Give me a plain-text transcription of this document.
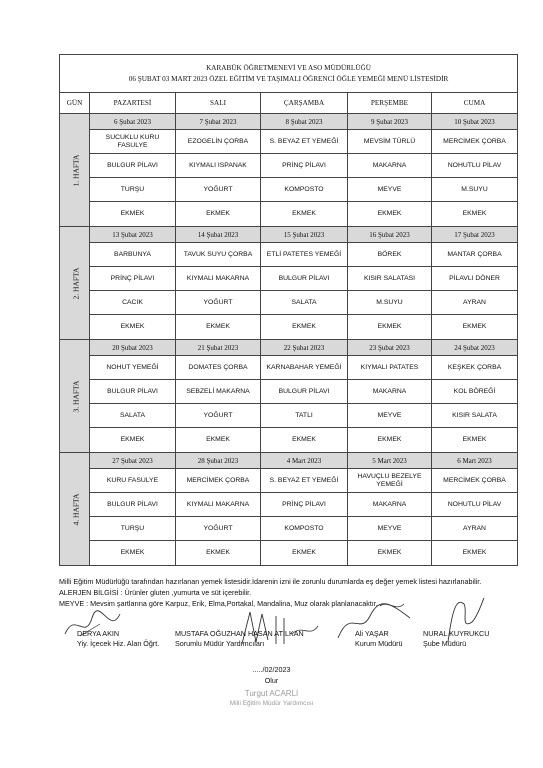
KARABÜK ÖĞRETMENEVİ VE ASO MÜDÜRLÜĞÜ
06 ŞUBAT 03 MART 2023 ÖZEL EĞİTİM VE TAŞIMALI ÖĞRENCİ ÖĞLE YEMEĞİ MENÜ LİSTESİDİR					

GÜN	PAZARTESİ	SALI	ÇARŞAMBA	PERŞEMBE	CUMA
1. HAFTA	6 Şubat 2023	7 Şubat 2023	8 Şubat 2023	9 Şubat 2023	10 Şubat 2023
	SUCUKLU KURU FASULYE	EZOGELİN ÇORBA	S. BEYAZ ET YEMEĞİ	MEVSİM TÜRLÜ	MERCİMEK ÇORBA
	BULGUR PİLAVI	KIYMALI ISPANAK	PRİNÇ PİLAVI	MAKARNA	NOHUTLU PİLAV
	TURŞU	YOĞURT	KOMPOSTO	MEYVE	M.SUYU
	EKMEK	EKMEK	EKMEK	EKMEK	EKMEK
2. HAFTA	13 Şubat 2023	14 Şubat 2023	15 Şubat 2023	16 Şubat 2023	17 Şubat 2023
	BARBUNYA	TAVUK SUYU ÇORBA	ETLİ PATETES YEMEĞİ	BÖREK	MANTAR ÇORBA
	PRİNÇ PİLAVI	KIYMALI MAKARNA	BULGUR PİLAVI	KISIR SALATASI	PİLAVLI DÖNER
	CACIK	YOĞURT	SALATA	M.SUYU	AYRAN
	EKMEK	EKMEK	EKMEK	EKMEK	EKMEK
3. HAFTA	20 Şubat 2023	21 Şubat 2023	22 Şubat 2023	23 Şubat 2023	24 Şubat 2023
	NOHUT YEMEĞİ	DOMATES ÇORBA	KARNABAHAR YEMEĞİ	KIYMALI PATATES	KEŞKEK ÇORBA
	BULGUR PİLAVI	SEBZELİ MAKARNA	BULGUR PİLAVI	MAKARNA	KOL BÖREĞİ
	SALATA	YOĞURT	TATLI	MEYVE	KISIR SALATA
	EKMEK	EKMEK	EKMEK	EKMEK	EKMEK
4. HAFTA	27 Şubat 2023	28 Şubat 2023	4 Mart 2023	5 Mart 2023	6 Mart 2023
	KURU FASULYE	MERCİMEK ÇORBA	S. BEYAZ ET YEMEĞİ	HAVUÇLU BEZELYE YEMEĞİ	MERCİMEK ÇORBA
	BULGUR PİLAVI	KIYMALI MAKARNA	PRİNÇ PİLAVI	MAKARNA	NOHUTLU PİLAV
	TURŞU	YOĞURT	KOMPOSTO	MEYVE	AYRAN
	EKMEK	EKMEK	EKMEK	EKMEK	EKMEK

Milli Eğitim Müdürlüğü tarafından hazırlanan yemek listesidir.İdarenin izni ile zorunlu durumlarda eş değer yemek listesi hazırlanabilir.

ALERJEN BİLGİSİ : Ürünler gluten ,yumurta ve süt içerebilir.

MEYVE : Mevsim şartlarına göre Karpuz, Erik, Elma,Portakal, Mandalina, Muz olarak planlanacaktır.

DERYA AKIN
Yiy. İçecek Hiz. Alan Öğrt.
MUSTAFA OĞUZHAN HASAN ATILKAN
Sorumlu Müdür Yardımcıları
Ali YAŞAR
Kurum Müdürü
NURAL KUYRUKCU
Şube Müdürü
...../02/2023
Olur
Turgut ACARLI
Milli Eğitim Müdür Yardımcısı
